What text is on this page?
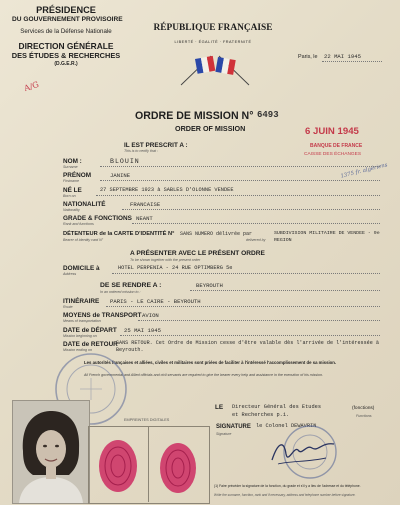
PRÉSIDENCE
DU GOUVERNEMENT PROVISOIRE
Services de la Défense Nationale
DIRECTION GÉNÉRALE
DES ÉTUDES & RECHERCHES
(D.G.E.R.)
A/G
RÉPUBLIQUE FRANÇAISE
LIBERTÉ · ÉGALITÉ · FRATERNITÉ
Paris, le 22 MAI 1945
ORDRE DE MISSION N° 6493
ORDER OF MISSION	6 JUIN 1945
BANQUE DE FRANCE
CAISSE DES ÉCHANGES
1375 fr. algériens
IL EST PRESCRIT A :
This is to certify that :
NOM :
Surname
BLOUIN
PRÉNOM
Firstname
JANINE
NÉ LE
Born on
27 SEPTEMBRE 1923 à SABLES D'OLONNE VENDEE
NATIONALITÉ
Nationality
FRANCAISE
GRADE & FONCTIONS
Rank and functions
NEANT
DÉTENTEUR de la CARTE D'IDENTITÉ N°
Bearer of identity card N°
SANS NUMERO délivrée par
delivered by
SUBDIVISION MILITAIRE DE VENDEE - 9e REGION
A PRÉSENTER AVEC LE PRÉSENT ORDRE
To be shown together with the present order
DOMICILE à
Address
HOTEL PERPENIA - 24 RUE OPTIMBERG 5e
DE SE RENDRE A :
In an ordered mission to :
BEYROUTH
ITINÉRAIRE
Route
PARIS - LE CAIRE - BEYROUTH
MOYENS de TRANSPORT
Means of transportation
AVION
DATE de DÉPART
Mission beginning on
25 MAI 1945
DATE de RETOUR
Mission ending on
SANS RETOUR. Cet Ordre de Mission cesse d'être valable dès l'arrivée de l'intéressée à Beyrouth.
Les autorités françaises et alliées, civiles et militaires sont priées de faciliter à l'intéressé l'accomplissement de sa mission.
All French governmental and Allied officials and civil servants are required to give the bearer every help and assistance in the execution of his mission.
EMPREINTES DIGITALES
LE Directeur Général des Etudes
et Recherches p.i.
(fonctions)
Functions
SIGNATURE le Colonel DEWAVRIN
Signature
(1) Faire précéder la signature de la fonction, du grade et s'il y a lieu de l'adresse et du téléphone.
Write the surname, function, rank and if necessary, address and telephone number before signature.
